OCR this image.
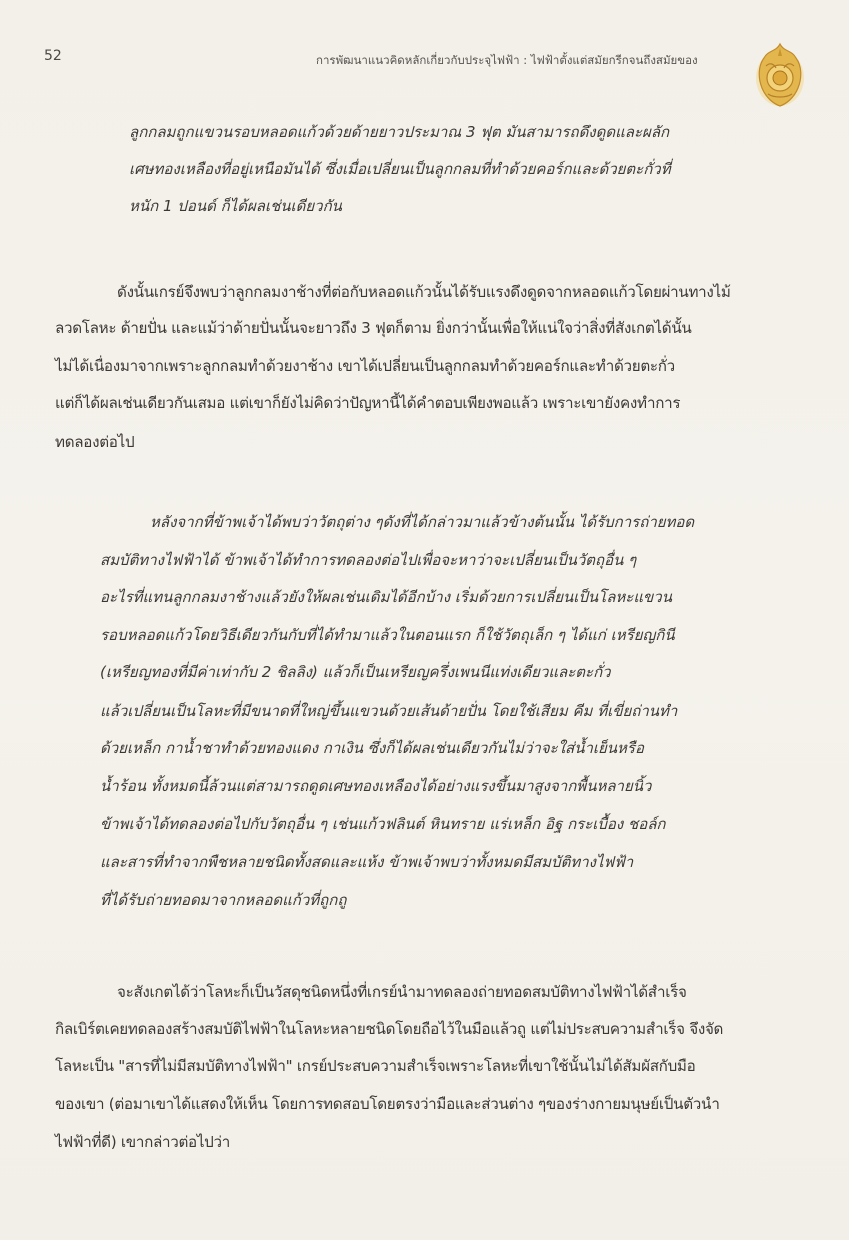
52	การพัฒนาแนวคิดหลักเกี่ยวกับประจุไฟฟ้า : ไฟฟ้าตั้งแต่สมัยกรีกจนถึงสมัยของ
ลูกกลมถูกแขวนรอบหลอดแก้วด้วยด้ายยาวประมาณ 3 ฟุต มันสามารถดึงดูดและผลัก
เศษทองเหลืองที่อยู่เหนือมันได้ ซึ่งเมื่อเปลี่ยนเป็นลูกกลมที่ทำด้วยคอร์กและด้วยตะกั่วที่
หนัก 1 ปอนด์ ก็ได้ผลเช่นเดียวกัน
ดังนั้นเกรย์จึงพบว่าลูกกลมงาช้างที่ต่อกับหลอดแก้วนั้นได้รับแรงดึงดูดจากหลอดแก้วโดยผ่านทางไม้
ลวดโลหะ ด้ายปั่น และแม้ว่าด้ายปั่นนั้นจะยาวถึง 3 ฟุตก็ตาม ยิ่งกว่านั้นเพื่อให้แน่ใจว่าสิ่งที่สังเกตได้นั้น
ไม่ได้เนื่องมาจากเพราะลูกกลมทำด้วยงาช้าง เขาได้เปลี่ยนเป็นลูกกลมทำด้วยคอร์กและทำด้วยตะกั่ว
แต่ก็ได้ผลเช่นเดียวกันเสมอ แต่เขาก็ยังไม่คิดว่าปัญหานี้ได้คำตอบเพียงพอแล้ว เพราะเขายังคงทำการ
ทดลองต่อไป
หลังจากที่ข้าพเจ้าได้พบว่าวัตถุต่าง ๆดังที่ได้กล่าวมาแล้วข้างต้นนั้น ได้รับการถ่ายทอด
สมบัติทางไฟฟ้าได้ ข้าพเจ้าได้ทำการทดลองต่อไปเพื่อจะหาว่าจะเปลี่ยนเป็นวัตถุอื่น ๆ
อะไรที่แทนลูกกลมงาช้างแล้วยังให้ผลเช่นเดิมได้อีกบ้าง เริ่มด้วยการเปลี่ยนเป็นโลหะแขวน
รอบหลอดแก้วโดยวิธีเดียวกันกับที่ได้ทำมาแล้วในตอนแรก ก็ใช้วัตถุเล็ก ๆ ได้แก่ เหรียญกินี
(เหรียญทองที่มีค่าเท่ากับ 2 ชิลลิง) แล้วก็เป็นเหรียญครึ่งเพนนีแท่งเดียวและตะกั่ว
แล้วเปลี่ยนเป็นโลหะที่มีขนาดที่ใหญ่ขึ้นแขวนด้วยเส้นด้ายปั่น โดยใช้เสียม คีม ที่เขี่ยถ่านทำ
ด้วยเหล็ก กาน้ำชาทำด้วยทองแดง กาเงิน ซึ่งก็ได้ผลเช่นเดียวกันไม่ว่าจะใส่น้ำเย็นหรือ
น้ำร้อน ทั้งหมดนี้ล้วนแต่สามารถดูดเศษทองเหลืองได้อย่างแรงขึ้นมาสูงจากพื้นหลายนิ้ว
ข้าพเจ้าได้ทดลองต่อไปกับวัตถุอื่น ๆ เช่นแก้วฟลินต์ หินทราย แร่เหล็ก อิฐ กระเบื้อง ชอล์ก
และสารที่ทำจากพืชหลายชนิดทั้งสดและแห้ง ข้าพเจ้าพบว่าทั้งหมดมีสมบัติทางไฟฟ้า
ที่ได้รับถ่ายทอดมาจากหลอดแก้วที่ถูกถู
จะสังเกตได้ว่าโลหะก็เป็นวัสดุชนิดหนึ่งที่เกรย์นำมาทดลองถ่ายทอดสมบัติทางไฟฟ้าได้สำเร็จ
กิลเบิร์ตเคยทดลองสร้างสมบัติไฟฟ้าในโลหะหลายชนิดโดยถือไว้ในมือแล้วถู แต่ไม่ประสบความสำเร็จ จึงจัด
โลหะเป็น "สารที่ไม่มีสมบัติทางไฟฟ้า" เกรย์ประสบความสำเร็จเพราะโลหะที่เขาใช้นั้นไม่ได้สัมผัสกับมือ
ของเขา (ต่อมาเขาได้แสดงให้เห็น โดยการทดสอบโดยตรงว่ามือและส่วนต่าง ๆของร่างกายมนุษย์เป็นตัวนำ
ไฟฟ้าที่ดี) เขากล่าวต่อไปว่า
